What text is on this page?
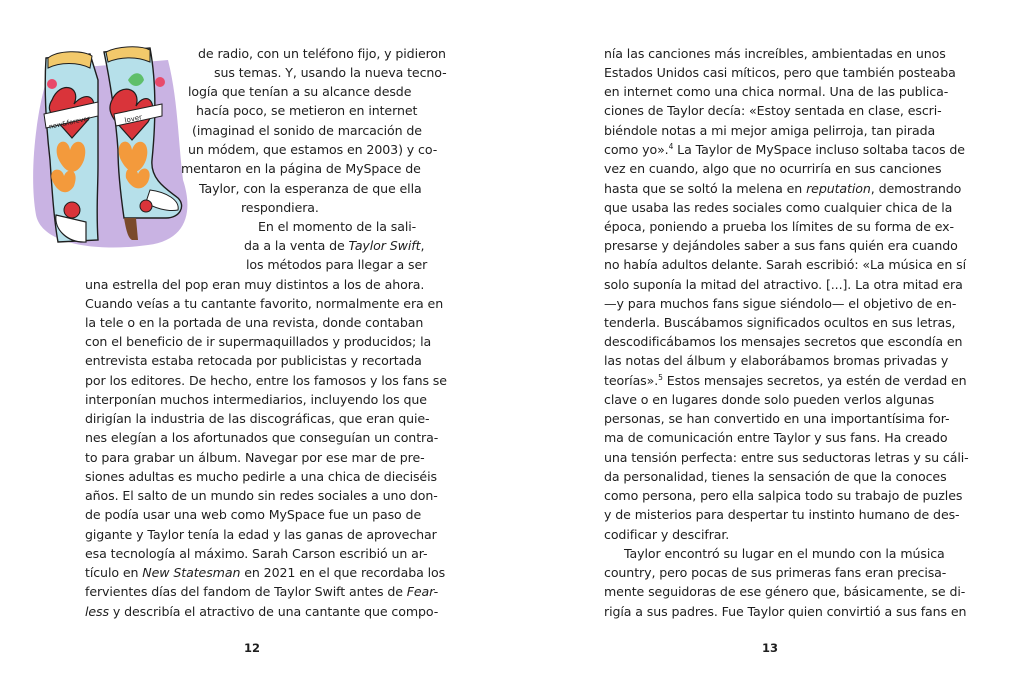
now&forever	lover
de radio, con un teléfono fijo, y pidieron
sus temas. Y, usando la nueva tecno-
logía que tenían a su alcance desde
hacía poco, se metieron en internet
(imaginad el sonido de marcación de
un módem, que estamos en 2003) y co-
mentaron en la página de MySpace de
Taylor, con la esperanza de que ella
respondiera.
En el momento de la sali-
da a la venta de Taylor Swift,
los métodos para llegar a ser
una estrella del pop eran muy distintos a los de ahora.
Cuando veías a tu cantante favorito, normalmente era en
la tele o en la portada de una revista, donde contaban
con el beneficio de ir supermaquillados y producidos; la
entrevista estaba retocada por publicistas y recortada
por los editores. De hecho, entre los famosos y los fans se
interponían muchos intermediarios, incluyendo los que
dirigían la industria de las discográficas, que eran quie-
nes elegían a los afortunados que conseguían un contra-
to para grabar un álbum. Navegar por ese mar de pre-
siones adultas es mucho pedirle a una chica de dieciséis
años. El salto de un mundo sin redes sociales a uno don-
de podía usar una web como MySpace fue un paso de
gigante y Taylor tenía la edad y las ganas de aprovechar
esa tecnología al máximo. Sarah Carson escribió un ar-
tículo en New Statesman en 2021 en el que recordaba los
fervientes días del fandom de Taylor Swift antes de Fear-
less y describía el atractivo de una cantante que compo-
12
nía las canciones más increíbles, ambientadas en unos
Estados Unidos casi míticos, pero que también posteaba
en internet como una chica normal. Una de las publica-
ciones de Taylor decía: «Estoy sentada en clase, escri-
biéndole notas a mi mejor amiga pelirroja, tan pirada
como yo».$^4$ La Taylor de MySpace incluso soltaba tacos de
vez en cuando, algo que no ocurriría en sus canciones
hasta que se soltó la melena en reputation, demostrando
que usaba las redes sociales como cualquier chica de la
época, poniendo a prueba los límites de su forma de ex-
presarse y dejándoles saber a sus fans quién era cuando
no había adultos delante. Sarah escribió: «La música en sí
solo suponía la mitad del atractivo. [...]. La otra mitad era
—y para muchos fans sigue siéndolo— el objetivo de en-
tenderla. Buscábamos significados ocultos en sus letras,
descodificábamos los mensajes secretos que escondía en
las notas del álbum y elaborábamos bromas privadas y
teorías».$^5$ Estos mensajes secretos, ya estén de verdad en
clave o en lugares donde solo pueden verlos algunas
personas, se han convertido en una importantísima for-
ma de comunicación entre Taylor y sus fans. Ha creado
una tensión perfecta: entre sus seductoras letras y su cáli-
da personalidad, tienes la sensación de que la conoces
como persona, pero ella salpica todo su trabajo de puzles
y de misterios para despertar tu instinto humano de des-
codificar y descifrar.
Taylor encontró su lugar en el mundo con la música
country, pero pocas de sus primeras fans eran precisa-
mente seguidoras de ese género que, básicamente, se di-
rigía a sus padres. Fue Taylor quien convirtió a sus fans en
13
